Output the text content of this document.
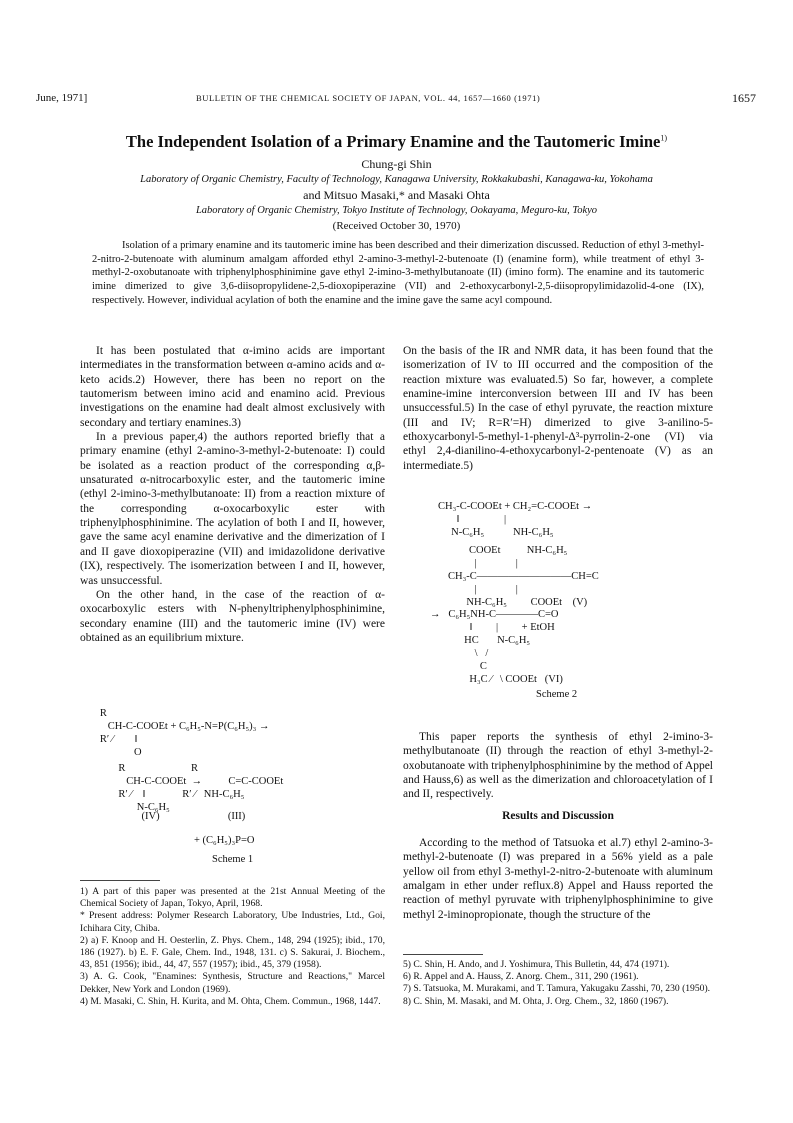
June, 1971]	BULLETIN OF THE CHEMICAL SOCIETY OF JAPAN, VOL. 44, 1657—1660 (1971)	1657
The Independent Isolation of a Primary Enamine and the Tautomeric Imine$^{1)}$
Chung-gi Shin
Laboratory of Organic Chemistry, Faculty of Technology, Kanagawa University, Rokkakubashi, Kanagawa-ku, Yokohama
and Mitsuo Masaki,* and Masaki Ohta
Laboratory of Organic Chemistry, Tokyo Institute of Technology, Ookayama, Meguro-ku, Tokyo
(Received October 30, 1970)
Isolation of a primary enamine and its tautomeric imine has been described and their dimerization discussed. Reduction of ethyl 3-methyl-2-nitro-2-butenoate with aluminum amalgam afforded ethyl 2-amino-3-methyl-2-butenoate (I) (enamine form), while treatment of ethyl 3-methyl-2-oxobutanoate with triphenylphosphinimine gave ethyl 2-imino-3-methylbutanoate (II) (imino form). The enamine and its tautomeric imine dimerized to give 3,6-diisopropylidene-2,5-dioxopiperazine (VII) and 2-ethoxycarbonyl-2,5-diisopropylimidazolid-4-one (IX), respectively. However, individual acylation of both the enamine and the imine gave the same acyl compound.

It has been postulated that α-imino acids are important intermediates in the transformation between α-amino acids and α-keto acids.2) However, there has been no report on the tautomerism between imino acid and enamino acid. Previous investigations on the enamine had dealt almost exclusively with secondary and tertiary enamines.3)

In a previous paper,4) the authors reported briefly that a primary enamine (ethyl 2-amino-3-methyl-2-butenoate: I) could be isolated as a reaction product of the corresponding α,β-unsaturated α-nitrocarboxylic ester, and the tautomeric imine (ethyl 2-imino-3-methylbutanoate: II) from a reaction mixture of the corresponding α-oxocarboxylic ester with triphenylphosphinimine. The acylation of both I and II, however, gave the same acyl enamine derivative and the dimerization of I and II gave dioxopiperazine (VII) and imidazolidone derivative (IX), respectively. The isomerization between I and II, however, was unsuccessful.

On the other hand, in the case of the reaction of α-oxocarboxylic esters with N-phenyltriphenylphosphinimine, secondary enamine (III) and the tautomeric imine (IV) were obtained as an equilibrium mixture.

R
CH-C-COOEt + C₆H₅-N=P(C₆H₅)₃ →
R′ ⁄        ‖
O
R                         R
CH-C-COOEt  →          C=C-COOEt
R′ ⁄    ‖              R′ ⁄   NH-C₆H₅
N-C₆H₅
(IV)                          (III)
+ (C₆H₅)₃P=O
Scheme 1

1) A part of this paper was presented at the 21st Annual Meeting of the Chemical Society of Japan, Tokyo, April, 1968.

* Present address: Polymer Research Laboratory, Ube Industries, Ltd., Goi, Ichihara City, Chiba.

2) a) F. Knoop and H. Oesterlin, Z. Phys. Chem., 148, 294 (1925); ibid., 170, 186 (1927). b) E. F. Gale, Chem. Ind., 1948, 131. c) S. Sakurai, J. Biochem., 43, 851 (1956); ibid., 44, 47, 557 (1957); ibid., 45, 379 (1958).

3) A. G. Cook, "Enamines: Synthesis, Structure and Reactions," Marcel Dekker, New York and London (1969).

4) M. Masaki, C. Shin, H. Kurita, and M. Ohta, Chem. Commun., 1968, 1447.

On the basis of the IR and NMR data, it has been found that the isomerization of IV to III occurred and the composition of the reaction mixture was evaluated.5) So far, however, a complete enamine-imine interconversion between III and IV has been unsuccessful.5) In the case of ethyl pyruvate, the reaction mixture (III and IV; R=R′=H) dimerized to give 3-anilino-5-ethoxycarbonyl-5-methyl-1-phenyl-Δ³-pyrrolin-2-one (VI) via ethyl 2,4-dianilino-4-ethoxycarbonyl-2-pentenoate (V) as an intermediate.5)

CH₃-C-COOEt + CH₂=C-COOEt →
‖                 |
N-C₆H₅           NH-C₆H₅
COOEt          NH-C₆H₅
|               |
CH₃-C―――――――――CH=C
|               |
NH-C₆H₅         COOEt    (V)
→   C₆H₅NH-C――――C=O
‖         |         + EtOH
HC       N-C₆H₅
\   /
C
H₃C ⁄   \ COOEt   (VI)
Scheme 2

This paper reports the synthesis of ethyl 2-imino-3-methylbutanoate (II) through the reaction of ethyl 3-methyl-2-oxobutanoate with triphenylphosphinimine by the method of Appel and Hauss,6) as well as the dimerization and chloroacetylation of I and II, respectively.

Results and Discussion

According to the method of Tatsuoka et al.7) ethyl 2-amino-3-methyl-2-butenoate (I) was prepared in a 56% yield as a pale yellow oil from ethyl 3-methyl-2-nitro-2-butenoate with aluminum amalgam in ether under reflux.8) Appel and Hauss reported the reaction of methyl pyruvate with triphenylphosphinimine to give methyl 2-iminopropionate, though the structure of the

5) C. Shin, H. Ando, and J. Yoshimura, This Bulletin, 44, 474 (1971).

6) R. Appel and A. Hauss, Z. Anorg. Chem., 311, 290 (1961).

7) S. Tatsuoka, M. Murakami, and T. Tamura, Yakugaku Zasshi, 70, 230 (1950).

8) C. Shin, M. Masaki, and M. Ohta, J. Org. Chem., 32, 1860 (1967).
